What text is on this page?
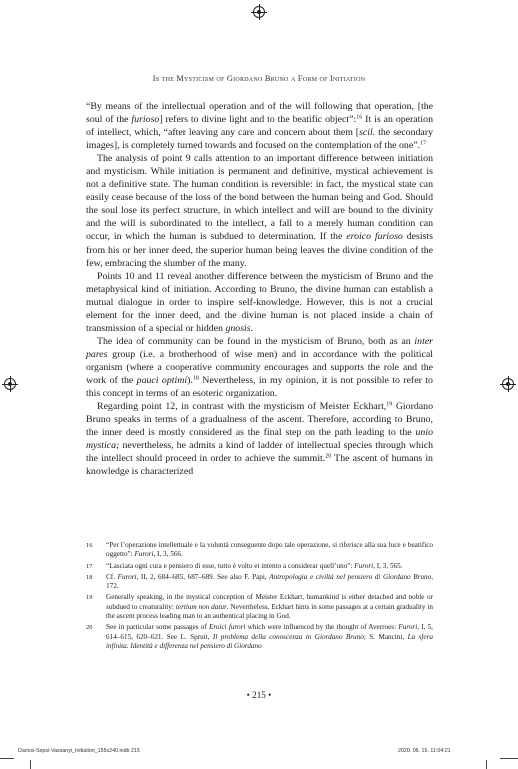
Is the Mysticism of Giordano Bruno a Form of Initiation

“By means of the intellectual operation and of the will following that operation, [the soul of the furioso] refers to divine light and to the beatific object”:$^{16}$ It is an operation of intellect, which, “after leaving any care and concern about them [scil. the secondary images], is completely turned towards and focused on the contemplation of the one”.$^{17}$

The analysis of point 9 calls attention to an important difference between initiation and mysticism. While initiation is permanent and definitive, mystical achievement is not a definitive state. The human condition is reversible: in fact, the mystical state can easily cease because of the loss of the bond between the human being and God. Should the soul lose its perfect structure, in which intellect and will are bound to the divinity and the will is subordinated to the intellect, a fall to a merely human condition can occur, in which the human is subdued to determination. If the eroico furioso desists from his or her inner deed, the superior human being leaves the divine condition of the few, embracing the slumber of the many.

Points 10 and 11 reveal another difference between the mysticism of Bruno and the metaphysical kind of initiation. According to Bruno, the divine human can establish a mutual dialogue in order to inspire self-knowledge. However, this is not a crucial element for the inner deed, and the divine human is not placed inside a chain of transmission of a special or hidden gnosis.

The idea of community can be found in the mysticism of Bruno, both as an inter pares group (i.e. a brotherhood of wise men) and in accordance with the political organism (where a cooperative community encourages and supports the role and the work of the pauci optimi).$^{18}$ Nevertheless, in my opinion, it is not possible to refer to this concept in terms of an esoteric organization.

Regarding point 12, in contrast with the mysticism of Meister Eckhart,$^{19}$ Giordano Bruno speaks in terms of a gradualness of the ascent. Therefore, according to Bruno, the inner deed is mostly considered as the final step on the path leading to the unio mystica; nevertheless, he admits a kind of ladder of intellectual species through which the intellect should proceed in order to achieve the summit.$^{20}$ The ascent of humans in knowledge is characterized

16 “Per l’operazione intellettuale e la voluntà conseguente dopo tale operazione, si riferisce alla sua luce e beatifico oggetto”: Furori, I, 3, 566.
17 “Lasciata ogni cura e pensiero di esse, tutto è volto et intento a considerar quell’uno”: Furori, I, 3, 565.
18 Cf. Furori, II, 2, 684–685, 687–689. See also F. Papi, Antropologia e civiltà nel pensiero di Giordano Bruno, 172.
19 Generally speaking, in the mystical conception of Meister Eckhart, humankind is either detached and noble or subdued to creaturality: tertium non datur. Nevertheless, Eckhart hints in some passages at a certain graduality in the ascent process leading man to an authentical placing in God.
20 See in particular some passages of Eroici furori which were influenced by the thought of Averroes: Furori, I, 5, 614–615, 620–621. See L. Spruit, Il problema della conoscenza in Giordano Bruno; S. Mancini, La sfera infinita. Identità e differenza nel pensiero di Giordano
• 215 •
Daricsi-Sepsi-Vassanyi_Initiation_155x240.indb 215	2020. 06. 15. 11:04:21
